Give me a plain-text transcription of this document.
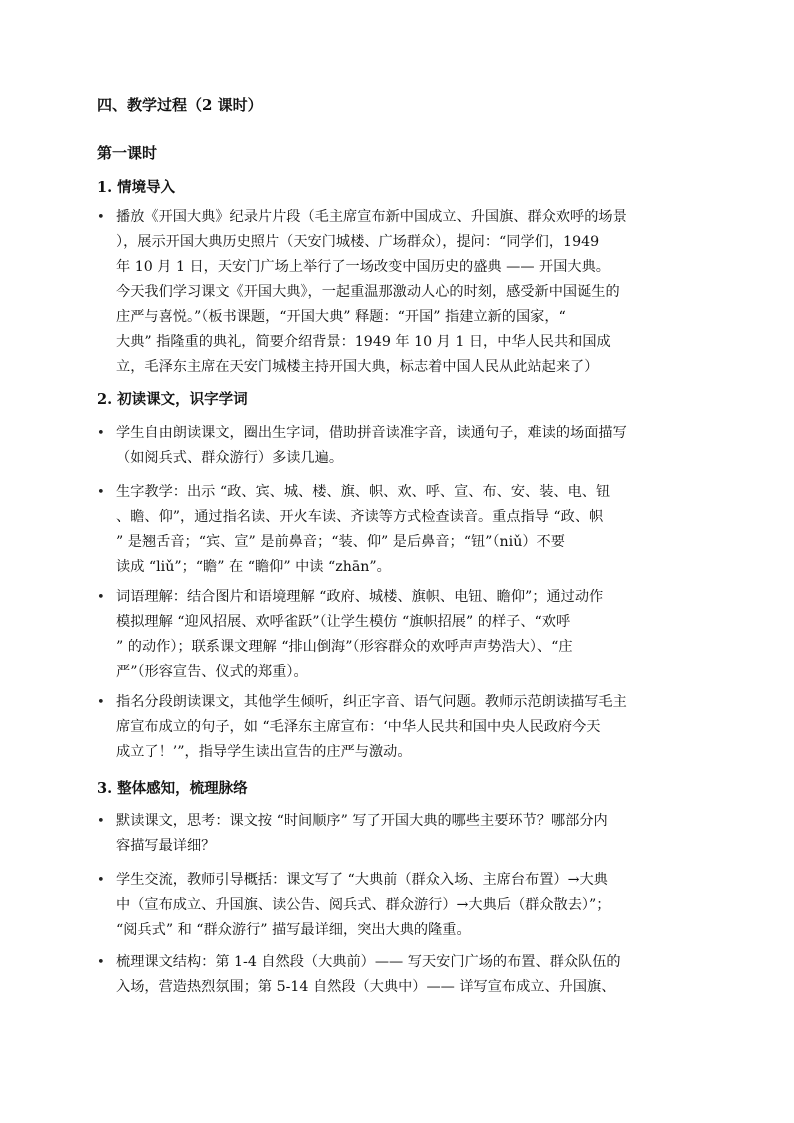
四、教学过程（2 课时）
第一课时
1. 情境导入
• 播放《开国大典》纪录片片段（毛主席宣布新中国成立、升国旗、群众欢呼的场景
），展示开国大典历史照片（天安门城楼、广场群众），提问：“同学们，1949
年 10 月 1 日，天安门广场上举行了一场改变中国历史的盛典 —— 开国大典。
今天我们学习课文《开国大典》，一起重温那激动人心的时刻，感受新中国诞生的
庄严与喜悦。”（板书课题，“开国大典” 释题：“开国” 指建立新的国家，“
大典” 指隆重的典礼，简要介绍背景：1949 年 10 月 1 日，中华人民共和国成
立，毛泽东主席在天安门城楼主持开国大典，标志着中国人民从此站起来了）
2. 初读课文，识字学词
• 学生自由朗读课文，圈出生字词，借助拼音读准字音，读通句子，难读的场面描写
（如阅兵式、群众游行）多读几遍。
• 生字教学：出示 “政、宾、城、楼、旗、帜、欢、呼、宣、布、安、装、电、钮
、瞻、仰”，通过指名读、开火车读、齐读等方式检查读音。重点指导 “政、帜
” 是翘舌音；“宾、宣” 是前鼻音；“装、仰” 是后鼻音；“钮”（niǔ）不要
读成 “liǔ”；“瞻” 在 “瞻仰” 中读 “zhān”。
• 词语理解：结合图片和语境理解 “政府、城楼、旗帜、电钮、瞻仰”；通过动作
模拟理解 “迎风招展、欢呼雀跃”（让学生模仿 “旗帜招展” 的样子、“欢呼
” 的动作）；联系课文理解 “排山倒海”（形容群众的欢呼声声势浩大）、“庄
严”（形容宣告、仪式的郑重）。
• 指名分段朗读课文，其他学生倾听，纠正字音、语气问题。教师示范朗读描写毛主
席宣布成立的句子，如 “毛泽东主席宣布：‘中华人民共和国中央人民政府今天
成立了！’”，指导学生读出宣告的庄严与激动。
3. 整体感知，梳理脉络
• 默读课文，思考：课文按 “时间顺序” 写了开国大典的哪些主要环节？哪部分内
容描写最详细？
• 学生交流，教师引导概括：课文写了 “大典前（群众入场、主席台布置）→大典
中（宣布成立、升国旗、读公告、阅兵式、群众游行）→大典后（群众散去）”；
“阅兵式” 和 “群众游行” 描写最详细，突出大典的隆重。
• 梳理课文结构：第 1-4 自然段（大典前）—— 写天安门广场的布置、群众队伍的
入场，营造热烈氛围；第 5-14 自然段（大典中）—— 详写宣布成立、升国旗、
